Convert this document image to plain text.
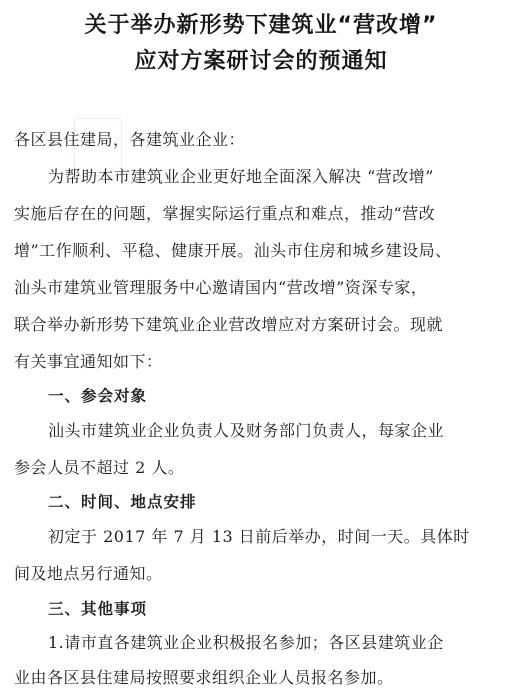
关于举办新形势下建筑业“营改增”
应对方案研讨会的预通知
各区县住建局，各建筑业企业：
为帮助本市建筑业企业更好地全面深入解决 “营改增”
实施后存在的问题，掌握实际运行重点和难点，推动“营改
增”工作顺利、平稳、健康开展。汕头市住房和城乡建设局、
汕头市建筑业管理服务中心邀请国内“营改增”资深专家，
联合举办新形势下建筑业企业营改增应对方案研讨会。现就
有关事宜通知如下：
一、参会对象
汕头市建筑业企业负责人及财务部门负责人，每家企业
参会人员不超过 2 人。
二、时间、地点安排
初定于 2017 年 7 月 13 日前后举办，时间一天。具体时
间及地点另行通知。
三、其他事项
1.请市直各建筑业企业积极报名参加；各区县建筑业企
业由各区县住建局按照要求组织企业人员报名参加。
